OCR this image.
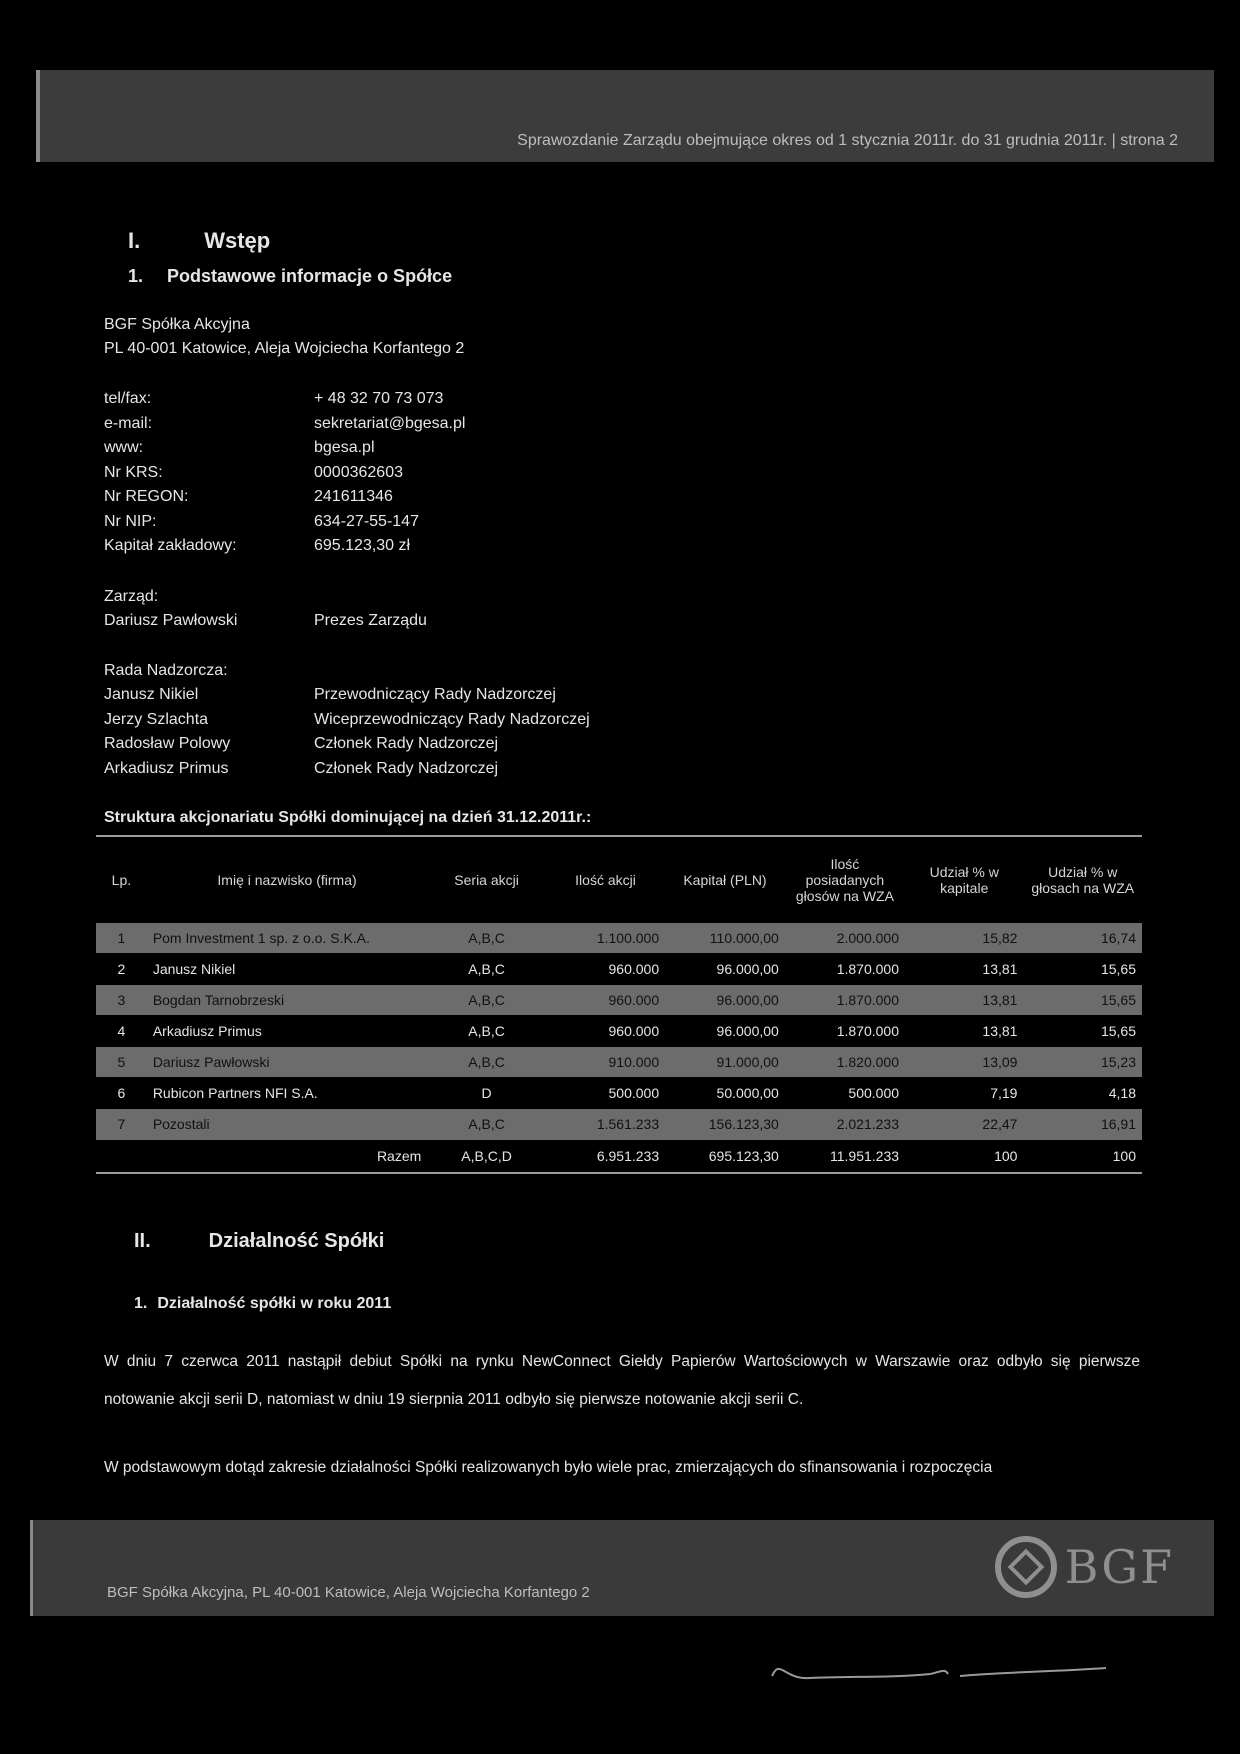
Sprawozdanie Zarządu obejmujące okres od 1 stycznia 2011r. do 31 grudnia 2011r. | strona 2
I.	Wstęp
1. Podstawowe informacje o Spółce
BGF Spółka Akcyjna
PL 40-001 Katowice, Aleja Wojciecha Korfantego 2
tel/fax:	+ 48 32 70 73 073
e-mail:	sekretariat@bgesa.pl
www:	bgesa.pl
Nr KRS:	0000362603
Nr REGON:	241611346
Nr NIP:	634-27-55-147
Kapitał zakładowy:	695.123,30 zł
Zarząd:
Dariusz Pawłowski	Prezes Zarządu
Rada Nadzorcza:
Janusz Nikiel	Przewodniczący Rady Nadzorczej
Jerzy Szlachta	Wiceprzewodniczący Rady Nadzorczej
Radosław Polowy	Członek Rady Nadzorczej
Arkadiusz Primus	Członek Rady Nadzorczej
Struktura akcjonariatu Spółki dominującej na dzień 31.12.2011r.:
Lp.	Imię i nazwisko (firma)	Seria akcji	Ilość akcji	Kapitał (PLN)	Ilość posiadanych głosów na WZA	Udział % w kapitale	Udział % w głosach na WZA
1	Pom Investment 1 sp. z o.o. S.K.A.	A,B,C	1.100.000	110.000,00	2.000.000	15,82	16,74
2	Janusz Nikiel	A,B,C	960.000	96.000,00	1.870.000	13,81	15,65
3	Bogdan Tarnobrzeski	A,B,C	960.000	96.000,00	1.870.000	13,81	15,65
4	Arkadiusz Primus	A,B,C	960.000	96.000,00	1.870.000	13,81	15,65
5	Dariusz Pawłowski	A,B,C	910.000	91.000,00	1.820.000	13,09	15,23
6	Rubicon Partners NFI S.A.	D	500.000	50.000,00	500.000	7,19	4,18
7	Pozostali	A,B,C	1.561.233	156.123,30	2.021.233	22,47	16,91
	Razem	A,B,C,D	6.951.233	695.123,30	11.951.233	100	100
II.	Działalność Spółki
1. Działalność spółki w roku 2011
W dniu 7 czerwca 2011 nastąpił debiut Spółki na rynku NewConnect Giełdy Papierów Wartościowych w Warszawie oraz odbyło się pierwsze notowanie akcji serii D, natomiast w dniu 19 sierpnia 2011 odbyło się pierwsze notowanie akcji serii C.
W podstawowym dotąd zakresie działalności Spółki realizowanych było wiele prac, zmierzających do sfinansowania i rozpoczęcia
BGF
BGF Spółka Akcyjna, PL 40-001 Katowice, Aleja Wojciecha Korfantego 2
